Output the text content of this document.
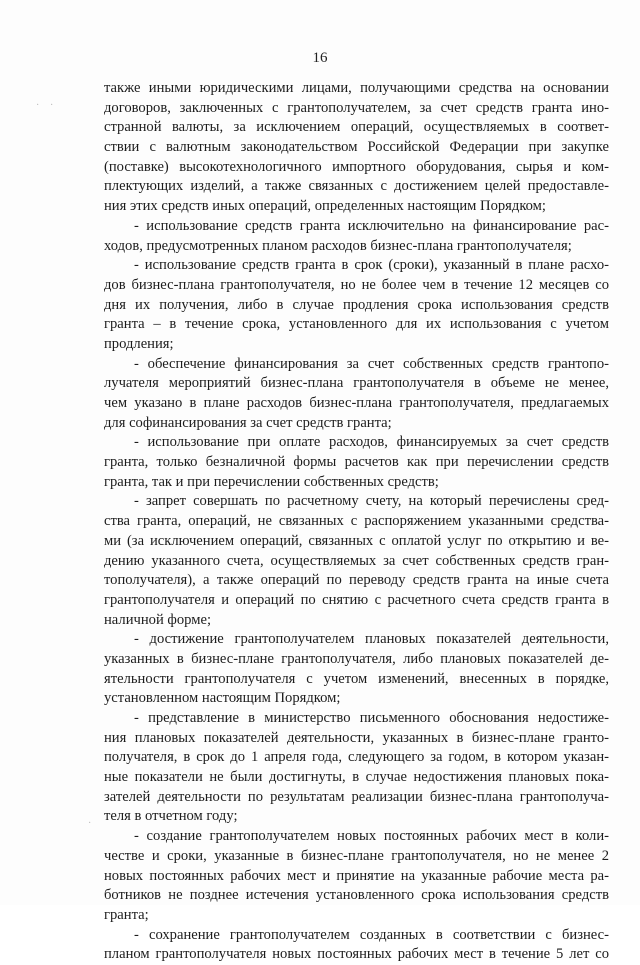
16
также иными юридическими лицами, получающими средства на основании
договоров, заключенных с грантополучателем, за счет средств гранта ино-
странной валюты, за исключением операций, осуществляемых в соответ-
ствии с валютным законодательством Российской Федерации при закупке
(поставке) высокотехнологичного импортного оборудования, сырья и ком-
плектующих изделий, а также связанных с достижением целей предоставле-
ния этих средств иных операций, определенных настоящим Порядком;
- использование средств гранта исключительно на финансирование рас-
ходов, предусмотренных планом расходов бизнес-плана грантополучателя;
- использование средств гранта в срок (сроки), указанный в плане расхо-
дов бизнес-плана грантополучателя, но не более чем в течение 12 месяцев со
дня их получения, либо в случае продления срока использования средств
гранта – в течение срока, установленного для их использования с учетом
продления;
- обеспечение финансирования за счет собственных средств грантопо-
лучателя мероприятий бизнес-плана грантополучателя в объеме не менее,
чем указано в плане расходов бизнес-плана грантополучателя, предлагаемых
для софинансирования за счет средств гранта;
- использование при оплате расходов, финансируемых за счет средств
гранта, только безналичной формы расчетов как при перечислении средств
гранта, так и при перечислении собственных средств;
- запрет совершать по расчетному счету, на который перечислены сред-
ства гранта, операций, не связанных с распоряжением указанными средства-
ми (за исключением операций, связанных с оплатой услуг по открытию и ве-
дению указанного счета, осуществляемых за счет собственных средств гран-
тополучателя), а также операций по переводу средств гранта на иные счета
грантополучателя и операций по снятию с расчетного счета средств гранта в
наличной форме;
- достижение грантополучателем плановых показателей деятельности,
указанных в бизнес-плане грантополучателя, либо плановых показателей де-
ятельности грантополучателя с учетом изменений, внесенных в порядке,
установленном настоящим Порядком;
- представление в министерство письменного обоснования недостиже-
ния плановых показателей деятельности, указанных в бизнес-плане гранто-
получателя, в срок до 1 апреля года, следующего за годом, в котором указан-
ные показатели не были достигнуты, в случае недостижения плановых пока-
зателей деятельности по результатам реализации бизнес-плана грантополуча-
теля в отчетном году;
- создание грантополучателем новых постоянных рабочих мест в коли-
честве и сроки, указанные в бизнес-плане грантополучателя, но не менее 2
новых постоянных рабочих мест и принятие на указанные рабочие места ра-
ботников не позднее истечения установленного срока использования средств
гранта;
- сохранение грантополучателем созданных в соответствии с бизнес-
планом грантополучателя новых постоянных рабочих мест в течение 5 лет со
· ·
·
